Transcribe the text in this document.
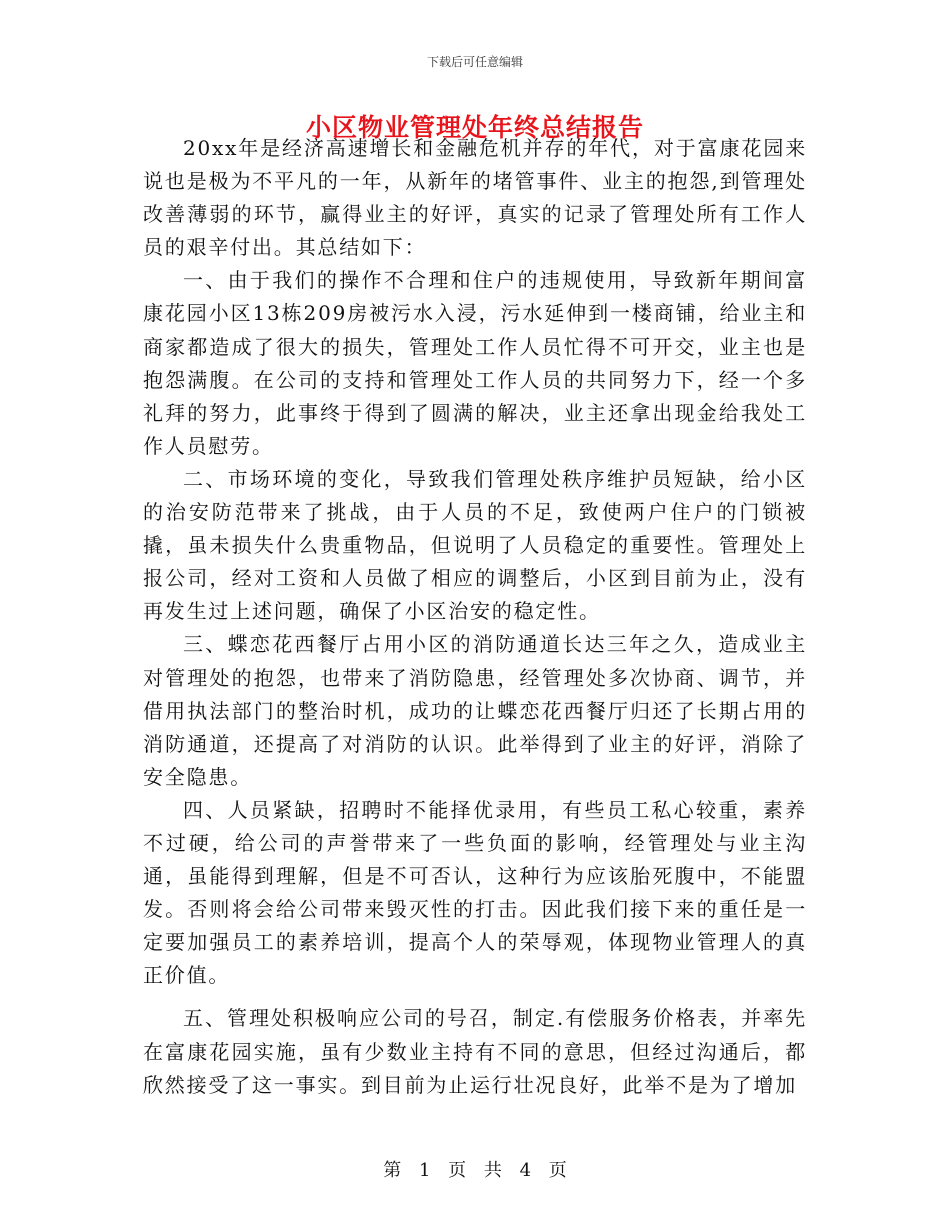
下载后可任意编辑
小区物业管理处年终总结报告

20xx年是经济高速增长和金融危机并存的年代，对于富康花园来说也是极为不平凡的一年，从新年的堵管事件、业主的抱怨,到管理处改善薄弱的环节，赢得业主的好评，真实的记录了管理处所有工作人员的艰辛付出。其总结如下：

一、由于我们的操作不合理和住户的违规使用，导致新年期间富康花园小区13栋209房被污水入浸，污水延伸到一楼商铺，给业主和商家都造成了很大的损失，管理处工作人员忙得不可开交，业主也是抱怨满腹。在公司的支持和管理处工作人员的共同努力下，经一个多礼拜的努力，此事终于得到了圆满的解决，业主还拿出现金给我处工作人员慰劳。

二、市场环境的变化，导致我们管理处秩序维护员短缺，给小区的治安防范带来了挑战，由于人员的不足，致使两户住户的门锁被撬，虽未损失什么贵重物品，但说明了人员稳定的重要性。管理处上报公司，经对工资和人员做了相应的调整后，小区到目前为止，没有再发生过上述问题，确保了小区治安的稳定性。

三、蝶恋花西餐厅占用小区的消防通道长达三年之久，造成业主对管理处的抱怨，也带来了消防隐患，经管理处多次协商、调节，并借用执法部门的整治时机，成功的让蝶恋花西餐厅归还了长期占用的消防通道，还提高了对消防的认识。此举得到了业主的好评，消除了安全隐患。

四、人员紧缺，招聘时不能择优录用，有些员工私心较重，素养不过硬，给公司的声誉带来了一些负面的影响，经管理处与业主沟通，虽能得到理解，但是不可否认，这种行为应该胎死腹中，不能盟发。否则将会给公司带来毁灭性的打击。因此我们接下来的重任是一定要加强员工的素养培训，提高个人的荣辱观，体现物业管理人的真正价值。

五、管理处积极响应公司的号召，制定.有偿服务价格表，并率先在富康花园实施，虽有少数业主持有不同的意思，但经过沟通后，都欣然接受了这一事实。到目前为止运行壮况良好，此举不是为了增加

第 1 页 共 4 页
